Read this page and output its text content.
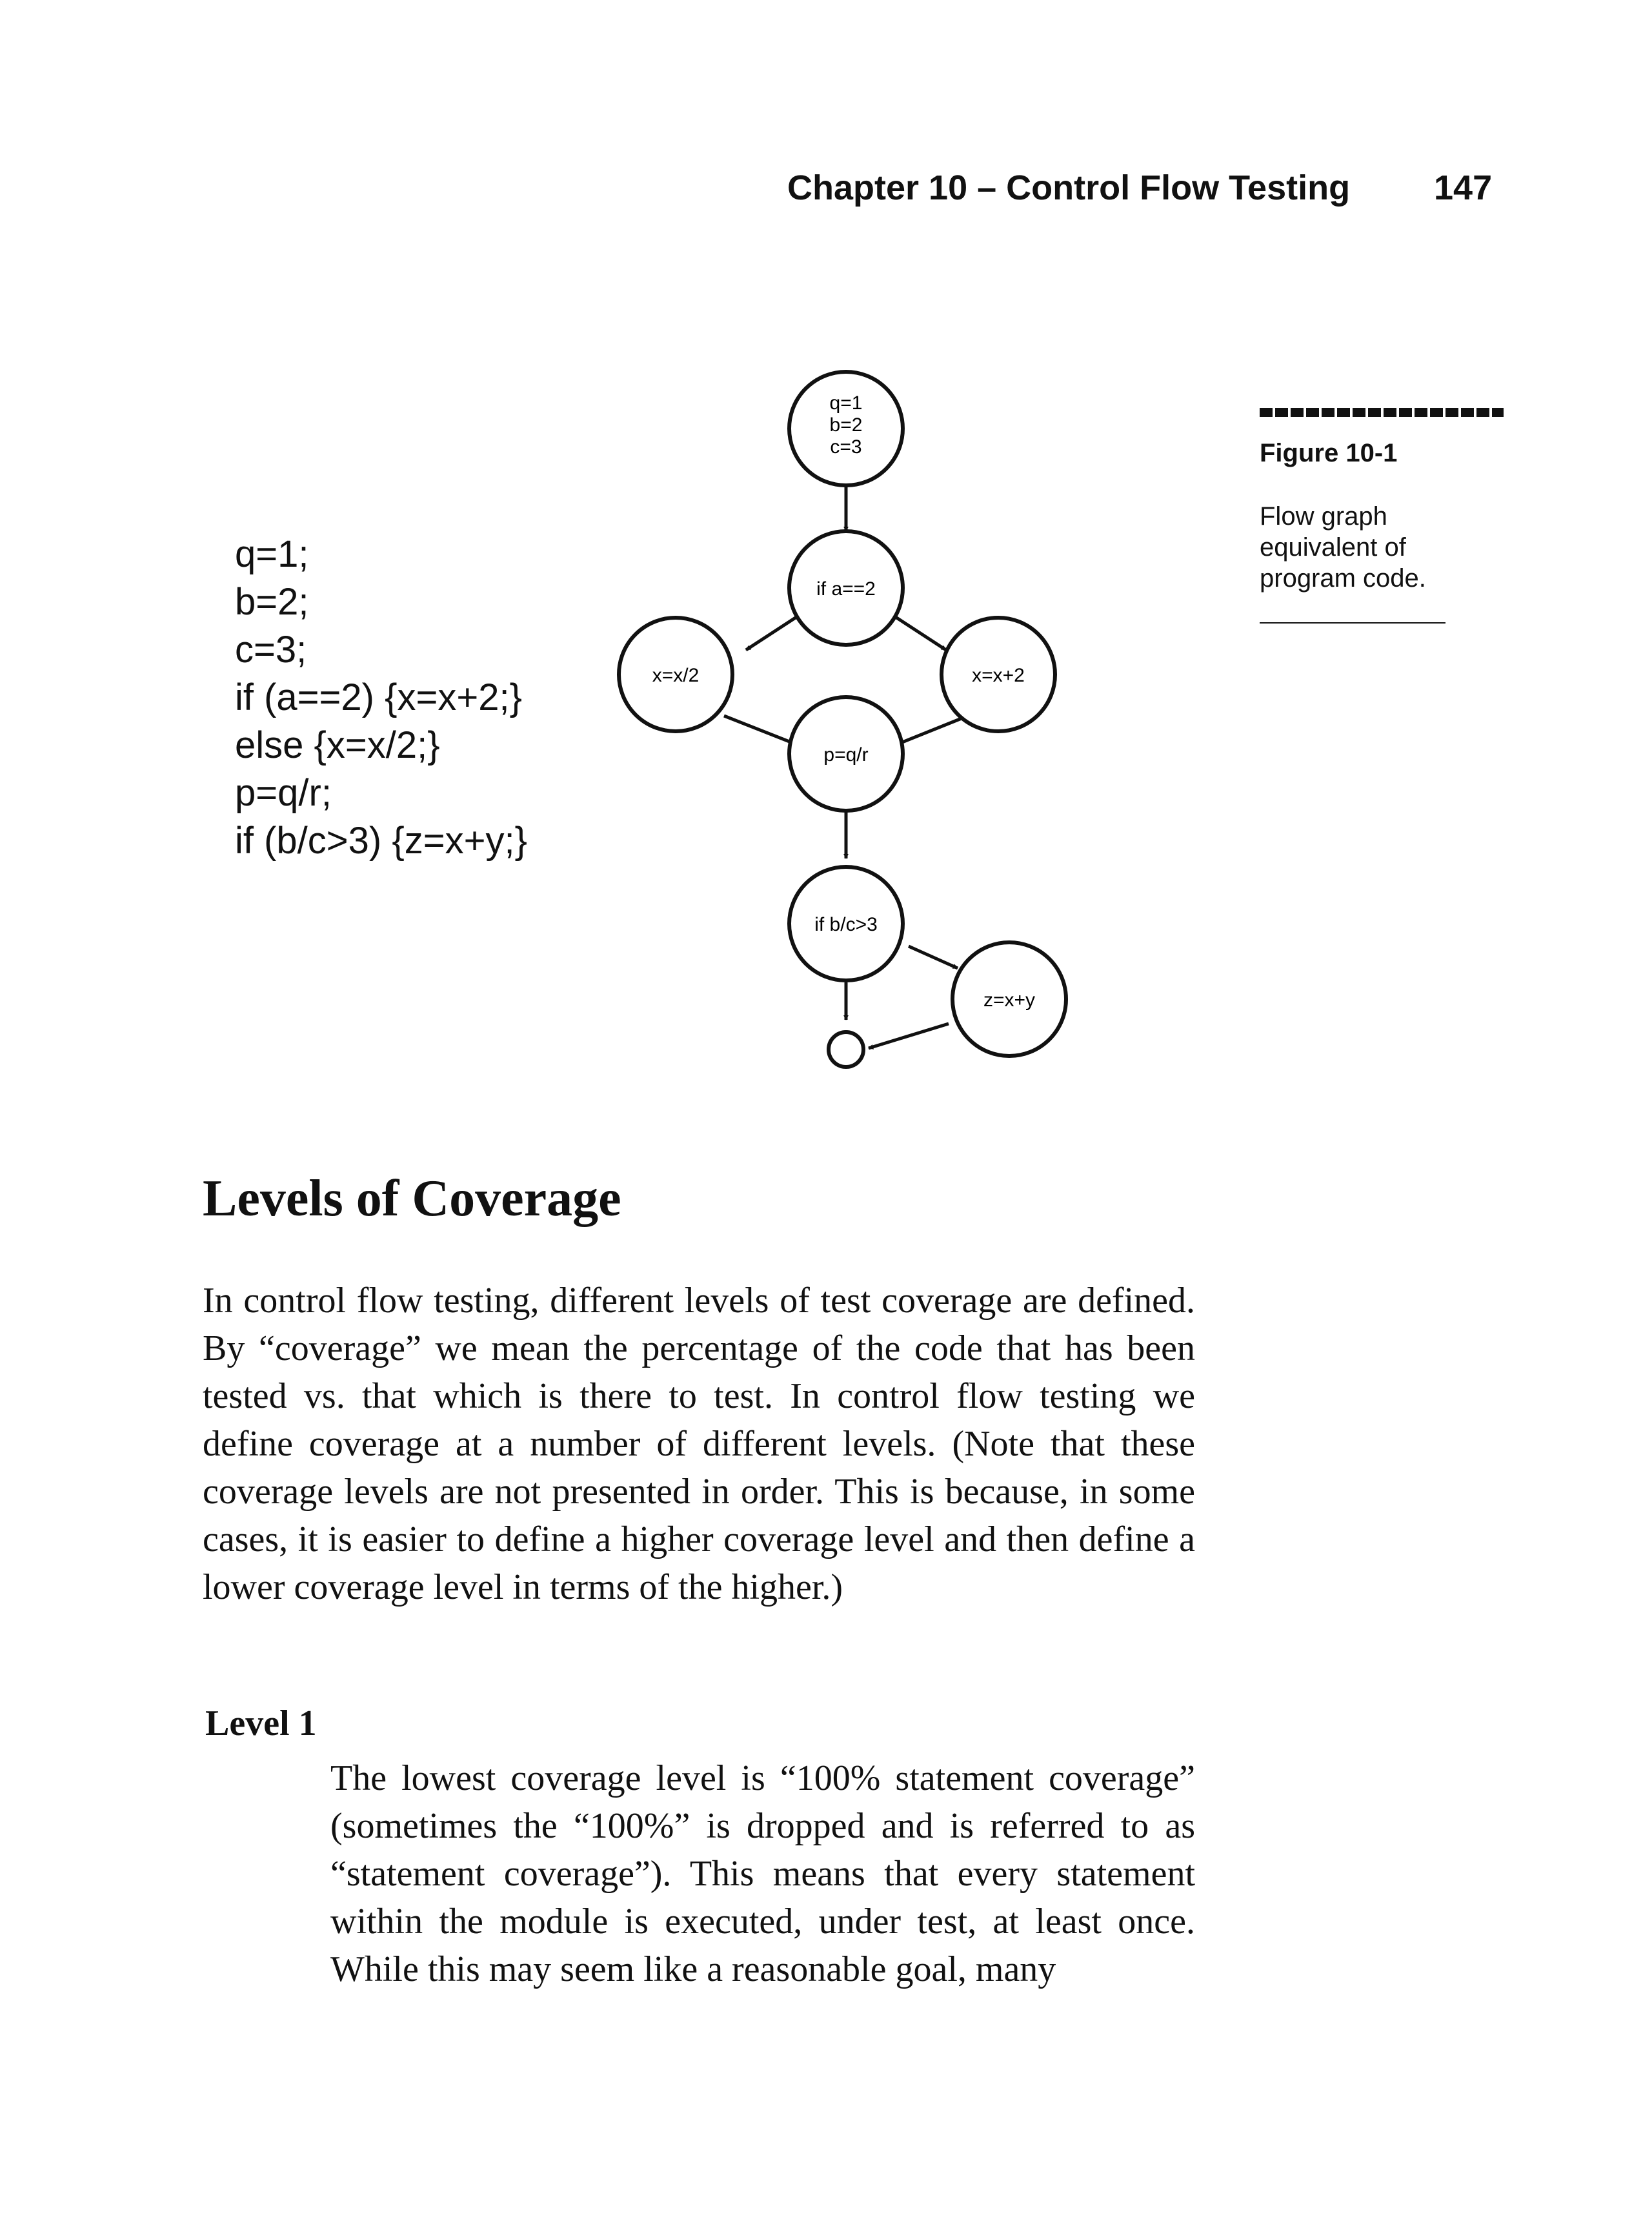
Chapter 10 – Control Flow Testing 147
q=1;
b=2;
c=3;
if (a==2) {x=x+2;}
else {x=x/2;}
p=q/r;
if (b/c>3) {z=x+y;}
q=1
b=2
c=3
if a==2
x=x/2	x=x+2
p=q/r
if b/c>3
z=x+y
Figure 10-1
Flow graph equivalent of program code.
Levels of Coverage
In control flow testing, different levels of test coverage are defined. By “coverage” we mean the percentage of the code that has been tested vs. that which is there to test. In control flow testing we define coverage at a number of different levels. (Note that these coverage levels are not presented in order. This is because, in some cases, it is easier to define a higher coverage level and then define a lower coverage level in terms of the higher.)
Level 1
The lowest coverage level is “100% statement coverage” (sometimes the “100%” is dropped and is referred to as “statement coverage”). This means that every statement within the module is executed, under test, at least once. While this may seem like a reasonable goal, many
